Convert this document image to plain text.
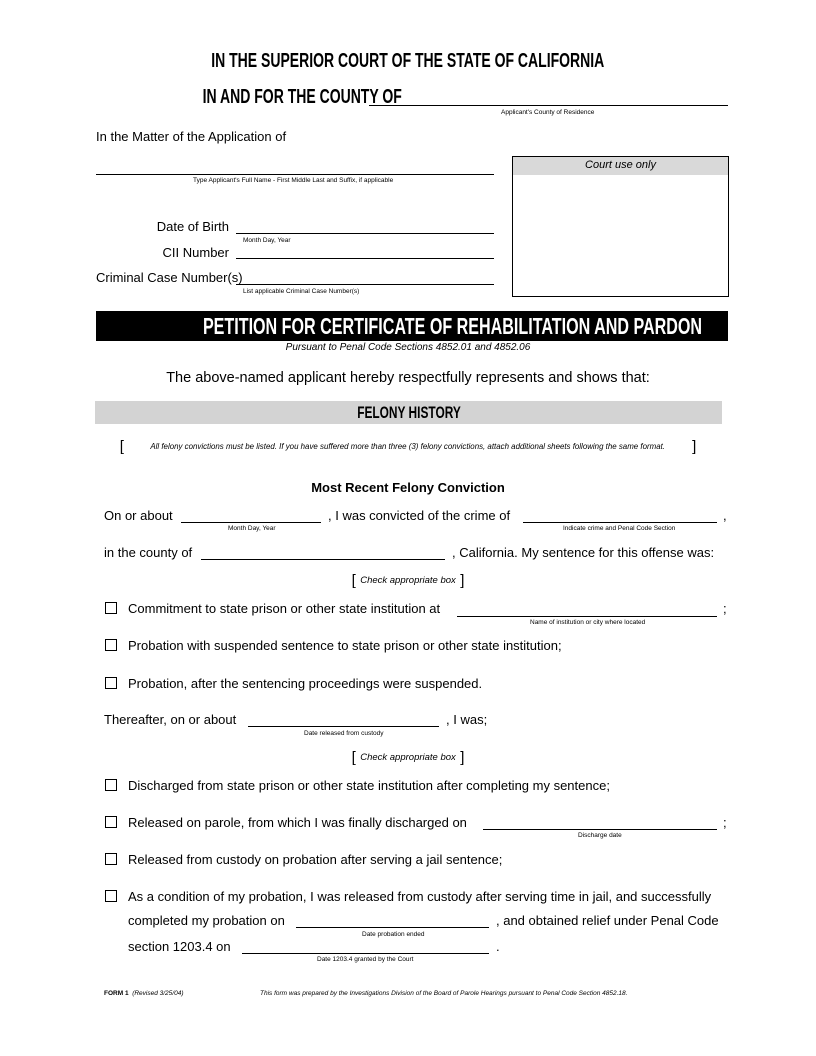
IN THE SUPERIOR COURT OF THE STATE OF CALIFORNIA
IN AND FOR THE COUNTY OF
Applicant's County of Residence
In the Matter of the Application of
Type Applicant's Full Name - First Middle Last and Suffix, if applicable
Date of Birth
Month Day, Year
CII Number
Criminal Case Number(s)
List applicable Criminal Case Number(s)
Court use only
PETITION FOR CERTIFICATE OF REHABILITATION AND PARDON
Pursuant to Penal Code Sections 4852.01 and 4852.06
The above-named applicant hereby respectfully represents and shows that:
FELONY HISTORY
[	All felony convictions must be listed. If you have suffered more than three (3) felony convictions, attach additional sheets following the same format. ]
Most Recent Felony Conviction
On or about
Month Day, Year
, I was convicted of the crime of
Indicate crime and Penal Code Section
,
in the county of	, California. My sentence for this offense was:
[ Check appropriate box ]
Commitment to state prison or other state institution at
Name of institution or city where located
;
Probation with suspended sentence to state prison or other state institution;
Probation, after the sentencing proceedings were suspended.
Thereafter, on or about
Date released from custody
, I was;
[ Check appropriate box ]
Discharged from state prison or other state institution after completing my sentence;
Released on parole, from which I was finally discharged on
Discharge date
;
Released from custody on probation after serving a jail sentence;
As a condition of my probation, I was released from custody after serving time in jail, and successfully
completed my probation on
Date probation ended
, and obtained relief under Penal Code
section 1203.4 on
Date 1203.4 granted by the Court
.
FORM 1 (Revised 3/25/04)	This form was prepared by the Investigations Division of the Board of Parole Hearings pursuant to Penal Code Section 4852.18.
